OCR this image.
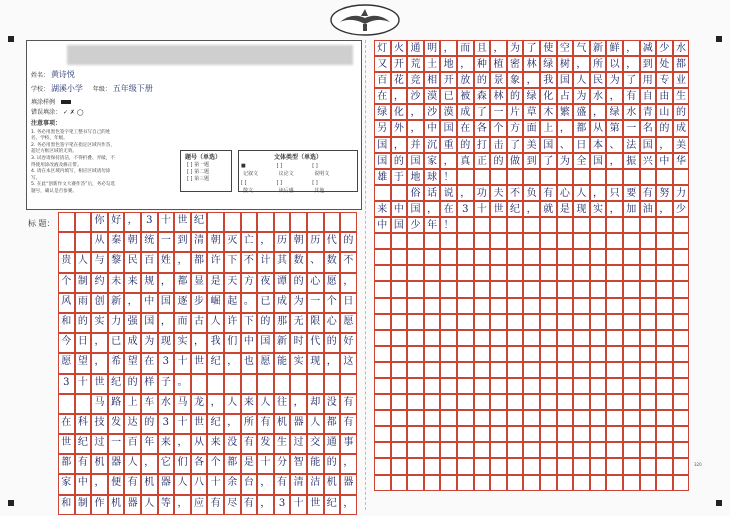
姓名： 黄诗悦
学校： 湖溪小学 年级： 五年级下册
填涂样例
错误填涂： ✓ ✗ ◯
注意事项：
1. 务必用黑色签字笔工整书写自己的姓名、学校、年级。
2. 务必用黑色签字笔在指定区域内作答，超过方框区域的无效。
3. 试卷请保持清洁，不得折叠、弄破，不得使用涂改液及修正带。
4. 请在本区域内填写，相应区域请勿涂写。
5. 在此“创新作文大赛作答”后，务必勾选题号，确认是否参赛。
题号（单选）
[ ] 第一题
[ ] 第二题
[ ] 第三题
文体类型（单选）
■记叙文 [ ]议论文 [ ]说明文 [ ]散文 [ ]读后感 [ ]其他
标 题：	你 好 ， 3 十 世 纪
从 秦 朝 统 一 到 清 朝 灭 亡 ， 历 朝 历 代 的
贵 人 与 黎 民 百 姓 ， 都 许 下 不 计 其 数 、 数 不
个 制 约 未 来 规 ， 都 显 是 天 方 夜 谭 的 心 愿 ，
风 雨 创 新 ， 中 国 逐 步 崛 起 。 已 成 为 一 个 日
和 的 实 力 强 国 ， 而 古 人 许 下 的 那 无 限 心 愿
今 日 ， 已 成 为 现 实 ， 我 们 中 国 新 时 代 的 好
愿 望 ， 希 望 在 3 十 世 纪 ， 也 愿 能 实 现 ， 这
3 十 世 纪 的 样 子 。
马 路 上 车 水 马 龙 ， 人 来 人 往 ， 却 没 有
在 科 技 发 达 的 3 十 世 纪 ， 所 有 机 器 人 都 有
世 纪 过 一 百 年 来 ， 从 来 没 有 发 生 过 交 通 事
都 有 机 器 人 ， 它 们 各 个 都 是 十 分 智 能 的 ，
家 中 ， 便 有 机 器 人 八 十 余 台 ， 有 清 洁 机 器
和 制 作 机 器 人 等 ， 应 有 尽 有 ， 3 十 世 纪 ，
灯 火 通 明 ， 而 且 ， 为 了 使 空 气 新 鲜 ， 减 少 水
又 开 荒 土 地 ， 种 植 密 林 绿 树 ， 所 以 ， 到 处 都
百 花 竞 相 开 放 的 景 象 ， 我 国 人 民 为 了 用 专 业
在 ， 沙 漠 已 被 森 林 的 绿 化 占 为 水 ， 有 自 由 生
绿 化 ， 沙 漠 成 了 一 片 草 木 繁 盛 ， 绿 水 青 山 的
另 外 ， 中 国 在 各 个 方 面 上 ， 都 从 第 一 名 的 成
国 ， 并 沉 重 的 打 击 了 美 国 、 日 本 、 法 国 ， 美
国 的 国 家 ， 真 正 的 做 到 了 为 全 国 ， 振 兴 中 华
雄 于 地 球 ！
俗 话 说 ， 功 夫 不 负 有 心 人 ， 只 要 有 努 力
来 中 国 ， 在 3 十 世 纪 ， 就 是 现 实 ， 加 油 ， 少
中 国 少 年 ！
320
